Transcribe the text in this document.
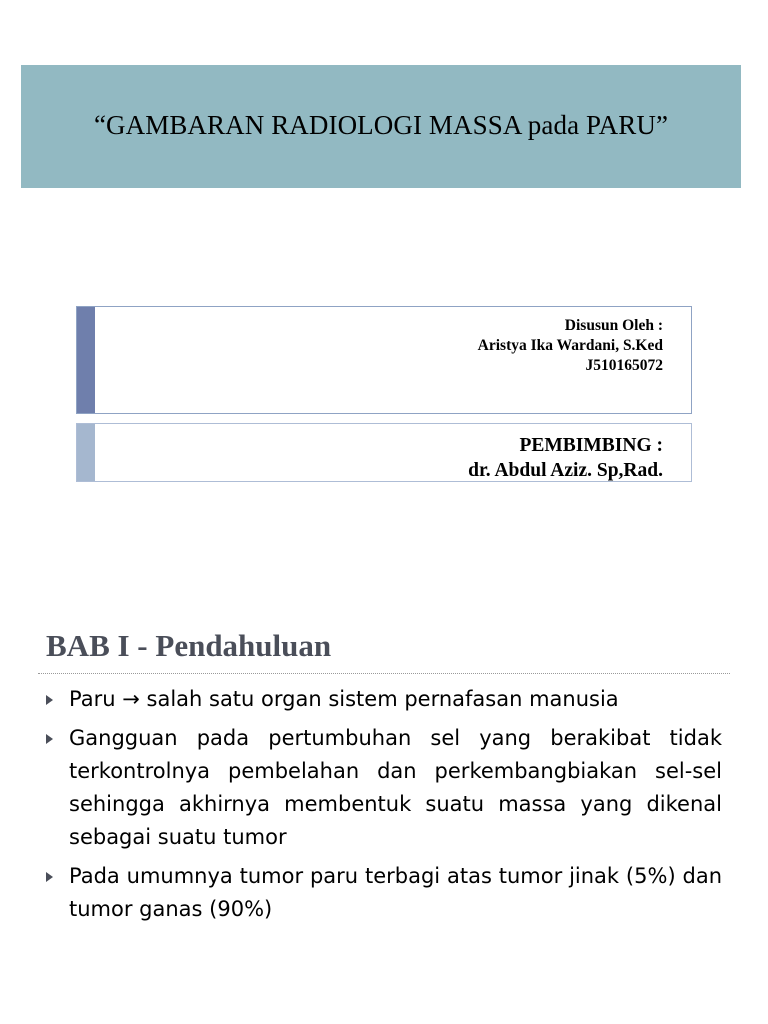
“GAMBARAN RADIOLOGI MASSA pada PARU”
Disusun Oleh :
Aristya Ika Wardani, S.Ked
J510165072
PEMBIMBING :
dr. Abdul Aziz. Sp,Rad.
BAB I - Pendahuluan
Paru → salah satu organ sistem pernafasan manusia
Gangguan pada pertumbuhan sel yang berakibat tidak terkontrolnya pembelahan dan perkembangbiakan sel-sel sehingga akhirnya membentuk suatu massa yang dikenal sebagai suatu tumor
Pada umumnya tumor paru terbagi atas tumor jinak (5%) dan tumor ganas (90%)
